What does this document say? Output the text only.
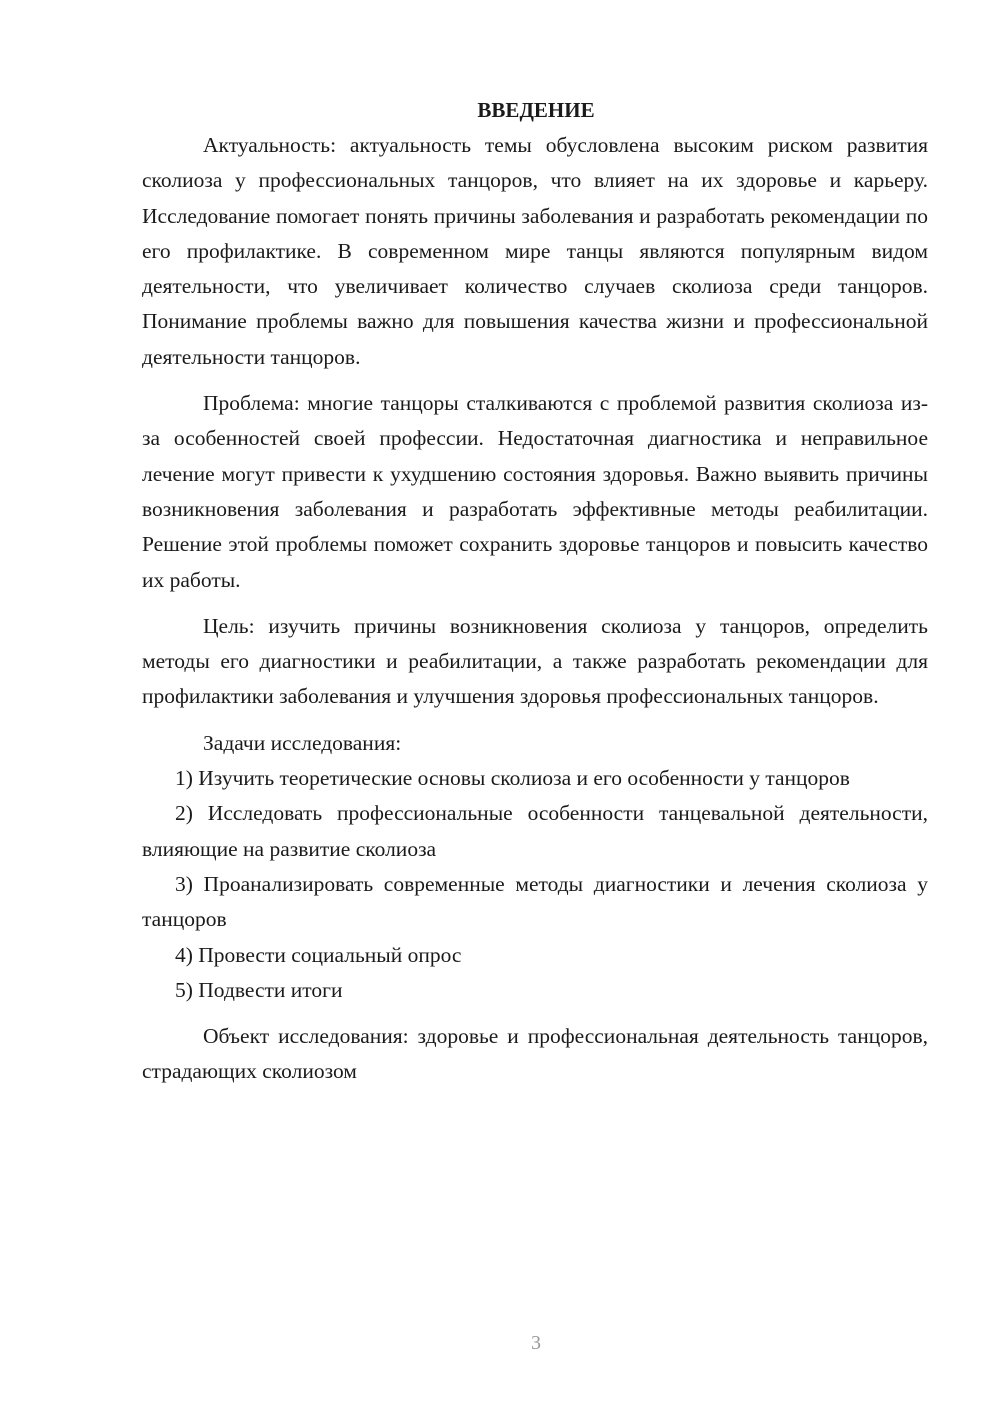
ВВЕДЕНИЕ

Актуальность: актуальность темы обусловлена высоким риском развития сколиоза у профессиональных танцоров, что влияет на их здоровье и карьеру. Исследование помогает понять причины заболевания и разработать рекомендации по его профилактике. В современном мире танцы являются популярным видом деятельности, что увеличивает количество случаев сколиоза среди танцоров. Понимание проблемы важно для повышения качества жизни и профессиональной деятельности танцоров.

Проблема: многие танцоры сталкиваются с проблемой развития сколиоза из-за особенностей своей профессии. Недостаточная диагностика и неправильное лечение могут привести к ухудшению состояния здоровья. Важно выявить причины возникновения заболевания и разработать эффективные методы реабилитации. Решение этой проблемы поможет сохранить здоровье танцоров и повысить качество их работы.

Цель: изучить причины возникновения сколиоза у танцоров, определить методы его диагностики и реабилитации, а также разработать рекомендации для профилактики заболевания и улучшения здоровья профессиональных танцоров.

Задачи исследования:

1) Изучить теоретические основы сколиоза и его особенности у танцоров

2) Исследовать профессиональные особенности танцевальной деятельности, влияющие на развитие сколиоза

3) Проанализировать современные методы диагностики и лечения сколиоза у танцоров

4) Провести социальный опрос

5) Подвести итоги

Объект исследования: здоровье и профессиональная деятельность танцоров, страдающих сколиозом

3
